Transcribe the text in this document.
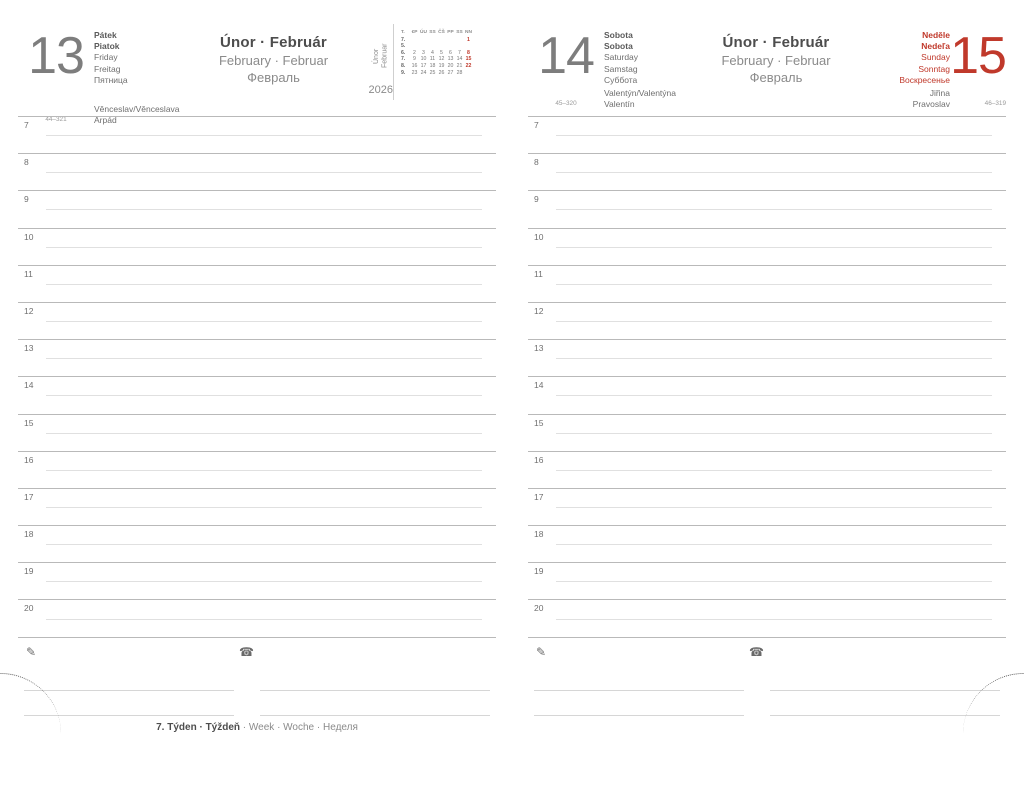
13	Pátek
Piatok
Friday
Freitag
Пятница
Únor · Február
February · Februar
Февраль
Únor Februar
2026
T.	€P	ÚU	SS	ČŠ	PP	SS	NN
7.							1
5.							
6.	2	3	4	5	6	7	8
7.	9	10	11	12	13	14	15
8.	16	17	18	19	20	21	22
9.	23	24	25	26	27	28	
44–321
Věnceslav/Věnceslava
Arpád
7
8
9
10
11
12
13
14
15
16
17
18
19
20
✎	☎
7. Týden · Týždeň · Week · Woche · Неделя
14	Sobota
Sobota
Saturday
Samstag
Суббота
Únor · Február
February · Februar
Февраль
Neděle
Nedeľa
Sunday
Sonntag
Воскресенье 15
45–320
Valentýn/Valentýna
Valentín
Jiřina
Pravoslav	46–319
7
8
9
10
11
12
13
14
15
16
17
18
19
20
✎	☎
